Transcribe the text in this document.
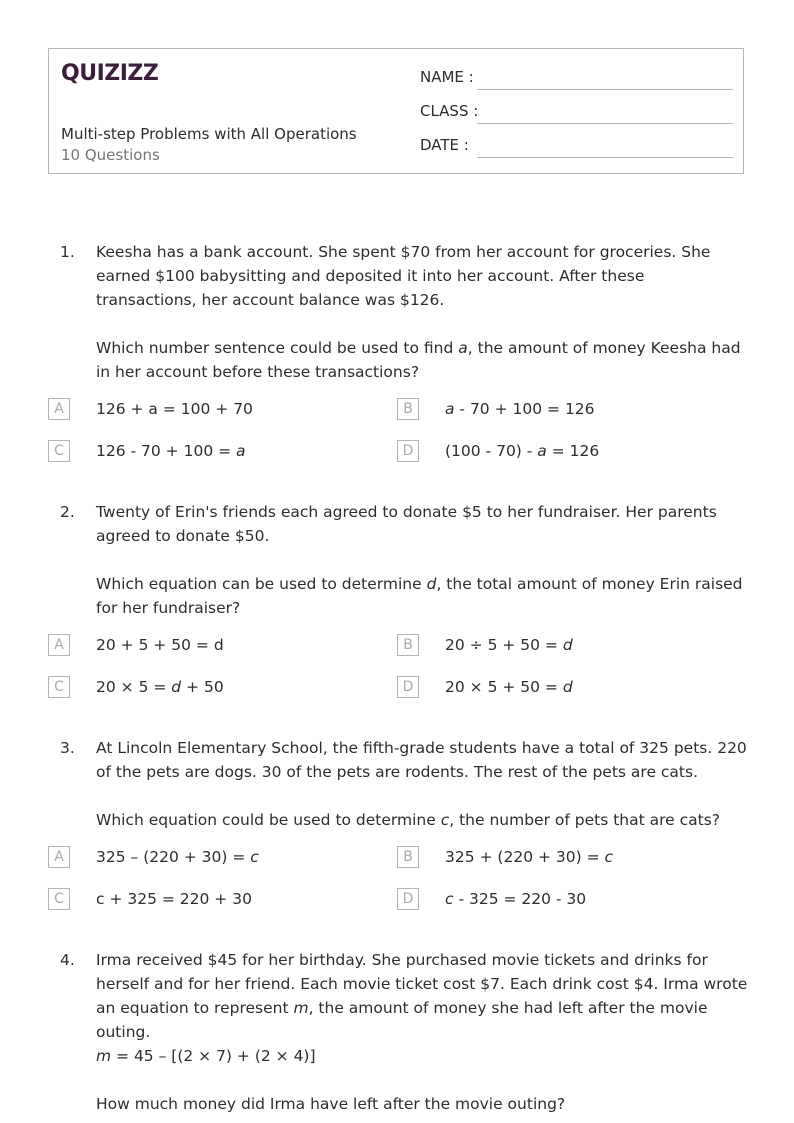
QUIZIZZ
Multi-step Problems with All Operations
10 Questions
NAME :
CLASS :
DATE :
1. Keesha has a bank account. She spent $70 from her account for groceries. She earned $100 babysitting and deposited it into her account. After these transactions, her account balance was $126.
Which number sentence could be used to find a, the amount of money Keesha had in her account before these transactions?
A	126 + a = 100 + 70	B	a - 70 + 100 = 126
C	126 - 70 + 100 = a	D	(100 - 70) - a = 126
2. Twenty of Erin's friends each agreed to donate $5 to her fundraiser. Her parents agreed to donate $50.
Which equation can be used to determine d, the total amount of money Erin raised for her fundraiser?
A	20 + 5 + 50 = d	B	20 ÷ 5 + 50 = d
C	20 × 5 = d + 50	D	20 × 5 + 50 = d
3. At Lincoln Elementary School, the fifth-grade students have a total of 325 pets. 220 of the pets are dogs. 30 of the pets are rodents. The rest of the pets are cats.
Which equation could be used to determine c, the number of pets that are cats?
A	325 – (220 + 30) = c	B	325 + (220 + 30) = c
C	c + 325 = 220 + 30	D	c - 325 = 220 - 30
4. Irma received $45 for her birthday. She purchased movie tickets and drinks for herself and for her friend. Each movie ticket cost $7. Each drink cost $4. Irma wrote an equation to represent m, the amount of money she had left after the movie outing.
m = 45 – [(2 × 7) + (2 × 4)]
How much money did Irma have left after the movie outing?
